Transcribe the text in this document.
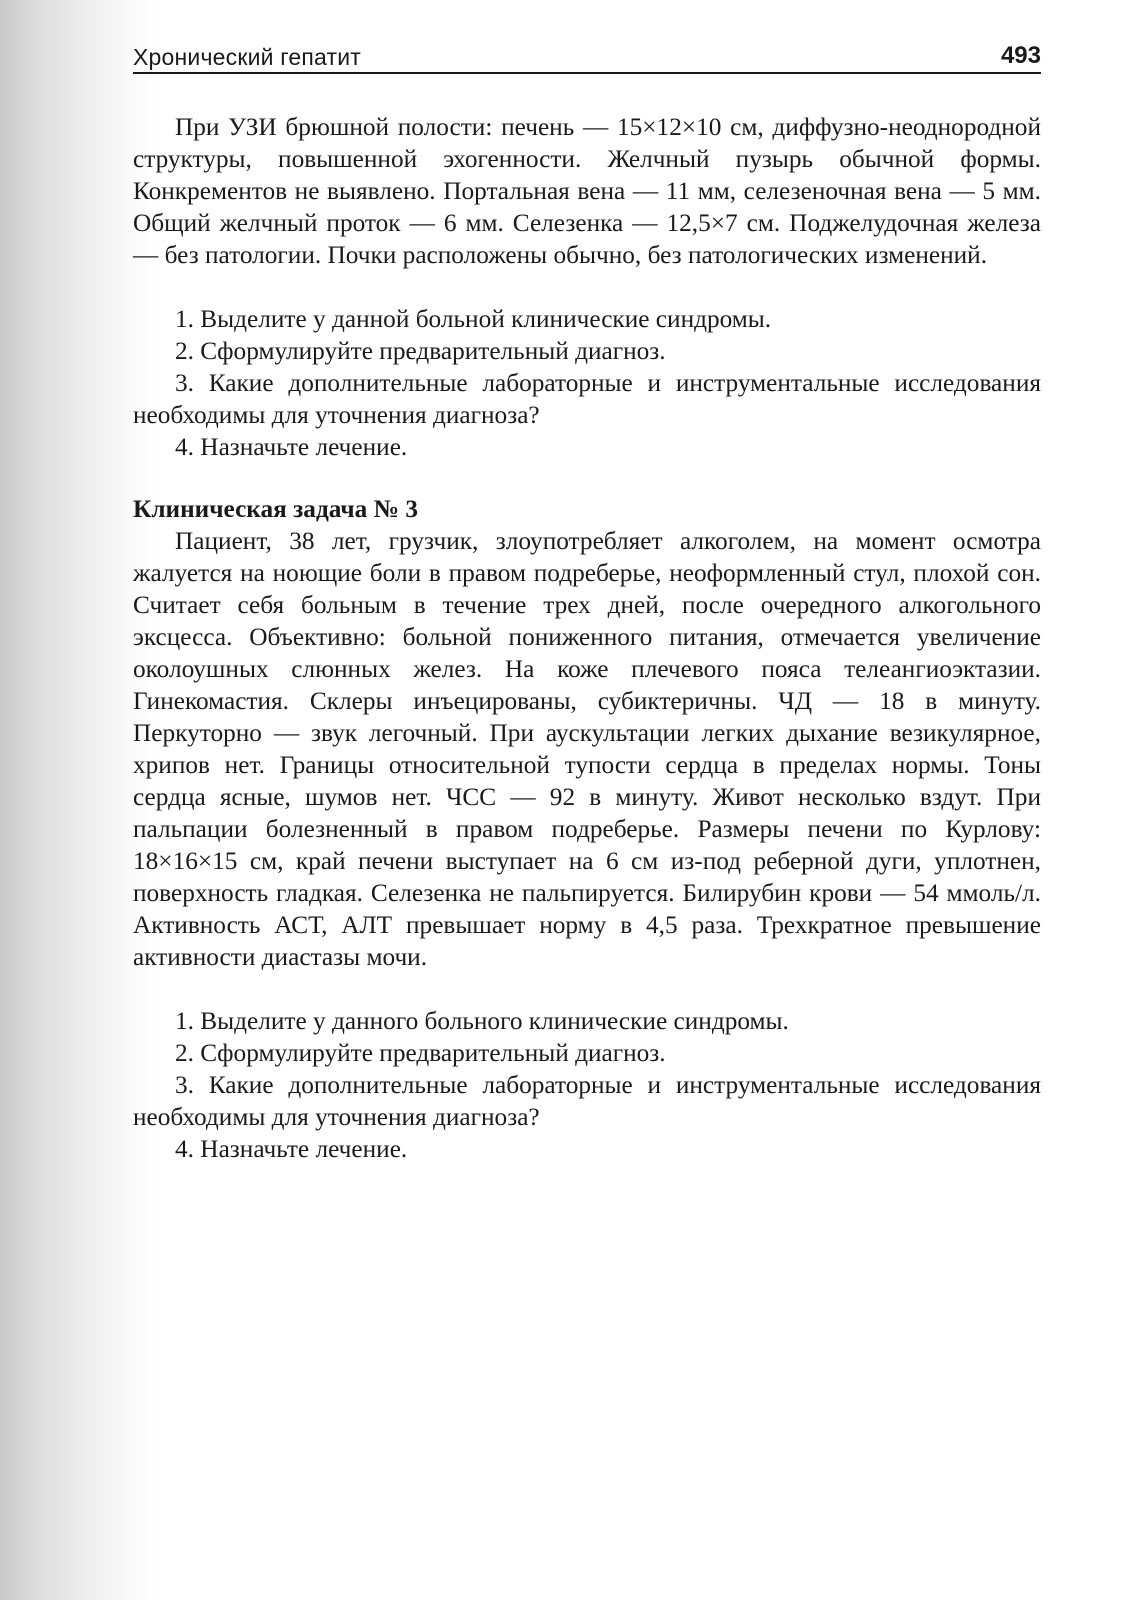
Хронический гепатит	493

При УЗИ брюшной полости: печень — 15×12×10 см, диффузно-неоднородной структуры, повышенной эхогенности. Желчный пузырь обычной формы. Конкрементов не выявлено. Портальная вена — 11 мм, селезеночная вена — 5 мм. Общий желчный проток — 6 мм. Селезенка — 12,5×7 см. Поджелудочная железа — без патологии. Почки расположены обычно, без патологических изменений.

1. Выделите у данной больной клинические синдромы.

2. Сформулируйте предварительный диагноз.

3. Какие дополнительные лабораторные и инструментальные исследования необходимы для уточнения диагноза?

4. Назначьте лечение.

Клиническая задача № 3

Пациент, 38 лет, грузчик, злоупотребляет алкоголем, на момент осмотра жалуется на ноющие боли в правом подреберье, неоформленный стул, плохой сон. Считает себя больным в течение трех дней, после очередного алкогольного эксцесса. Объективно: больной пониженного питания, отмечается увеличение околоушных слюнных желез. На коже плечевого пояса телеангиоэктазии. Гинекомастия. Склеры инъецированы, субиктеричны. ЧД — 18 в минуту. Перкуторно — звук легочный. При аускультации легких дыхание везикулярное, хрипов нет. Границы относительной тупости сердца в пределах нормы. Тоны сердца ясные, шумов нет. ЧСС — 92 в минуту. Живот несколько вздут. При пальпации болезненный в правом подреберье. Размеры печени по Курлову: 18×16×15 см, край печени выступает на 6 см из-под реберной дуги, уплотнен, поверхность гладкая. Селезенка не пальпируется. Билирубин крови — 54 ммоль/л. Активность АСТ, АЛТ превышает норму в 4,5 раза. Трехкратное превышение активности диастазы мочи.

1. Выделите у данного больного клинические синдромы.

2. Сформулируйте предварительный диагноз.

3. Какие дополнительные лабораторные и инструментальные исследования необходимы для уточнения диагноза?

4. Назначьте лечение.
